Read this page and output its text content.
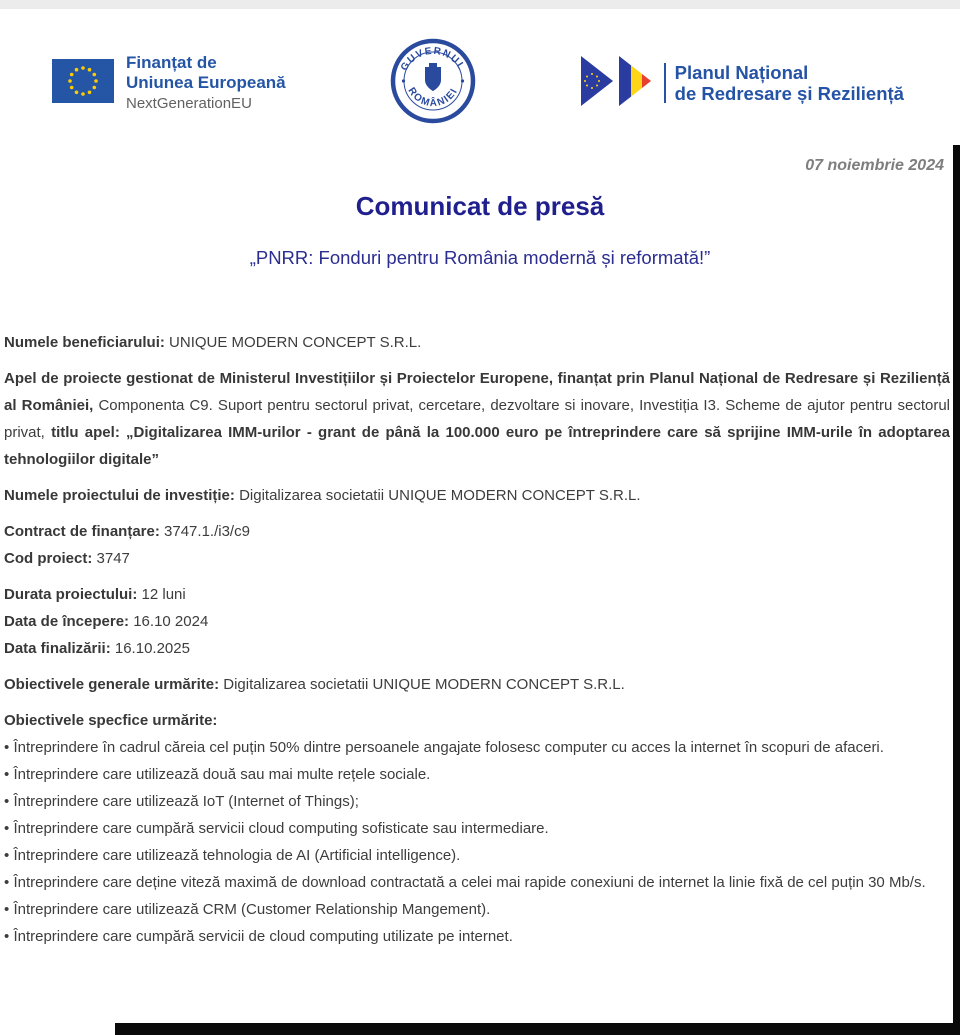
Finanțat de
Uniunea Europeană
NextGenerationEU
GUVERNUL
ROMÂNIEI
Planul Național
de Redresare și Reziliență
07 noiembrie 2024
Comunicat de presă
„PNRR: Fonduri pentru România modernă și reformată!”

Numele beneficiarului: UNIQUE MODERN CONCEPT S.R.L.

Apel de proiecte gestionat de Ministerul Investițiilor și Proiectelor Europene, finanțat prin Planul Național de Redresare și Reziliență al României, Componenta C9. Suport pentru sectorul privat, cercetare, dezvoltare si inovare, Investiția I3. Scheme de ajutor pentru sectorul privat, titlu apel: „Digitalizarea IMM-urilor - grant de până la 100.000 euro pe întreprindere care să sprijine IMM-urile în adoptarea tehnologiilor digitale”

Numele proiectului de investiție: Digitalizarea societatii UNIQUE MODERN CONCEPT S.R.L.

Contract de finanțare: 3747.1./i3/c9

Cod proiect: 3747

Durata proiectului: 12 luni

Data de începere: 16.10 2024

Data finalizării: 16.10.2025

Obiectivele generale urmărite: Digitalizarea societatii UNIQUE MODERN CONCEPT S.R.L.

Obiectivele specfice urmărite:

• Întreprindere în cadrul căreia cel puțin 50% dintre persoanele angajate folosesc computer cu acces la internet în scopuri de afaceri.

• Întreprindere care utilizează două sau mai multe rețele sociale.

• Întreprindere care utilizează IoT (Internet of Things);

• Întreprindere care cumpără servicii cloud computing sofisticate sau intermediare.

• Întreprindere care utilizează tehnologia de AI (Artificial intelligence).

• Întreprindere care deține viteză maximă de download contractată a celei mai rapide conexiuni de internet la linie fixă de cel puțin 30 Mb/s.

• Întreprindere care utilizează CRM (Customer Relationship Mangement).

• Întreprindere care cumpără servicii de cloud computing utilizate pe internet.
